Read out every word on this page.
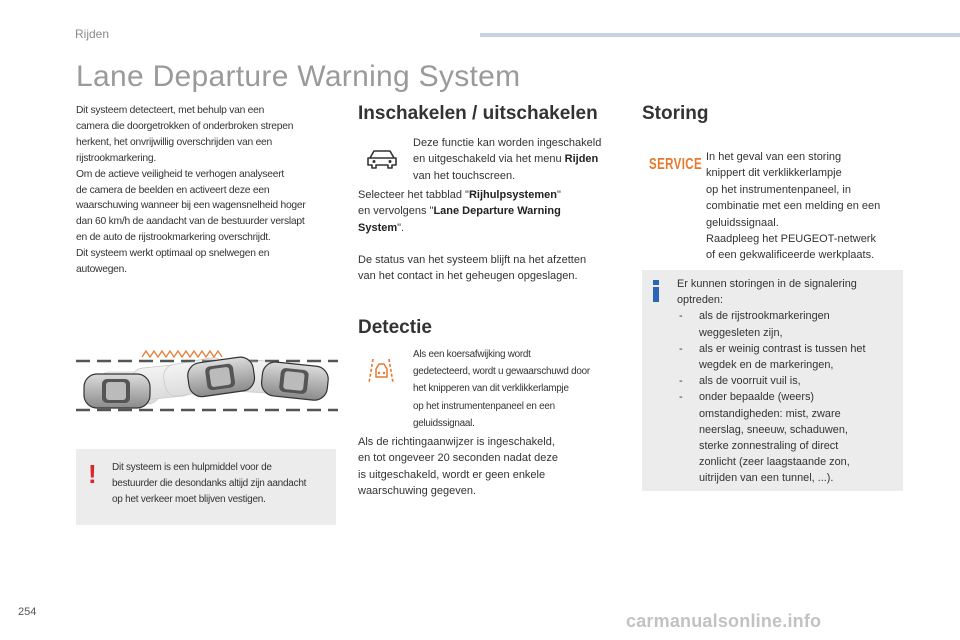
Rijden
Lane Departure Warning System

Dit systeem detecteert, met behulp van een

camera die doorgetrokken of onderbroken strepen

herkent, het onvrijwillig overschrijden van een

rijstrookmarkering.

Om de actieve veiligheid te verhogen analyseert

de camera de beelden en activeert deze een

waarschuwing wanneer bij een wagensnelheid hoger

dan 60 km/h de aandacht van de bestuurder verslapt

en de auto de rijstrookmarkering overschrijdt.

Dit systeem werkt optimaal op snelwegen en

autowegen.

! Dit systeem is een hulpmiddel voor de
bestuurder die desondanks altijd zijn aandacht
op het verkeer moet blijven vestigen.
Inschakelen / uitschakelen

Deze functie kan worden ingeschakeld

en uitgeschakeld via het menu Rijden

van het touchscreen.

Selecteer het tabblad "Rijhulpsystemen"

en vervolgens "Lane Departure Warning

System".

De status van het systeem blijft na het afzetten

van het contact in het geheugen opgeslagen.

Detectie

Als een koersafwijking wordt

gedetecteerd, wordt u gewaarschuwd door

het knipperen van dit verklikkerlampje

op het instrumentenpaneel en een

geluidssignaal.

Als de richtingaanwijzer is ingeschakeld,

en tot ongeveer 20 seconden nadat deze

is uitgeschakeld, wordt er geen enkele

waarschuwing gegeven.

Storing
SERVICE In het geval van een storing

knippert dit verklikkerlampje

op het instrumentenpaneel, in

combinatie met een melding en een

geluidssignaal.

Raadpleeg het PEUGEOT-netwerk

of een gekwalificeerde werkplaats.

Er kunnen storingen in de signalering
optreden:
- als de rijstrookmarkeringen
weggesleten zijn,
- als er weinig contrast is tussen het
wegdek en de markeringen,
- als de voorruit vuil is,
- onder bepaalde (weers)
omstandigheden: mist, zware
neerslag, sneeuw, schaduwen,
sterke zonnestraling of direct
zonlicht (zeer laagstaande zon,
uitrijden van een tunnel, ...).
254	carmanualsonline.info
